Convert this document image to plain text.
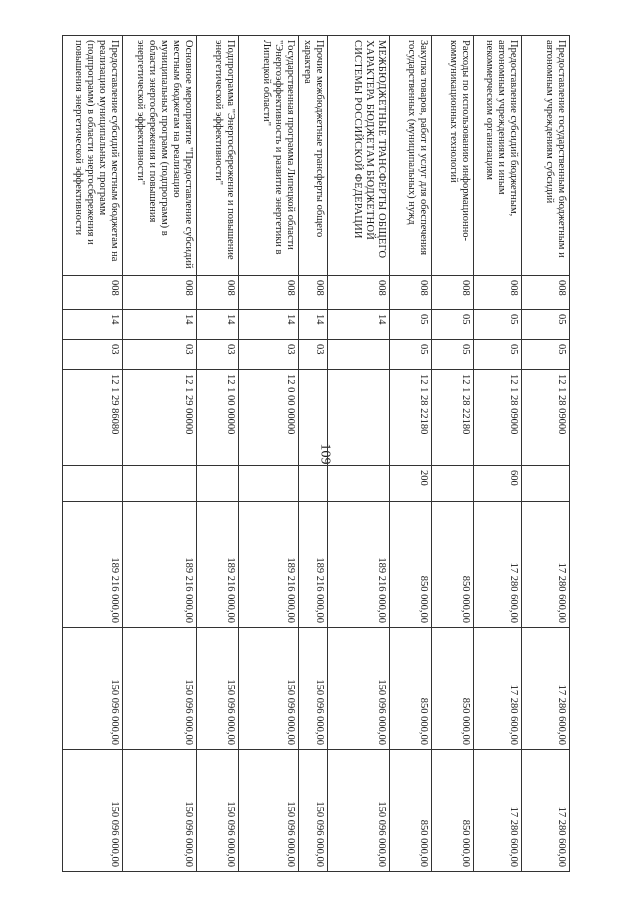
109
Предоставление государственным бюджетным и автономным учреждениям субсидий	008	05	05	12 1 28 09000		17 280 600,00	17 280 600,00	17 280 600,00
Предоставление субсидий бюджетным, автономным учреждениям и иным некоммерческим организациям	008	05	05	12 1 28 09000	600	17 280 600,00	17 280 600,00	17 280 600,00
Расходы по использованию информационно-коммуникационных технологий	008	05	05	12 1 28 22180		850 000,00	850 000,00	850 000,00
Закупка товаров, работ и услуг для обеспечения государственных (муниципальных) нужд	008	05	05	12 1 28 22180	200	850 000,00	850 000,00	850 000,00
МЕЖБЮДЖЕТНЫЕ ТРАНСФЕРТЫ ОБЩЕГО ХАРАКТЕРА БЮДЖЕТАМ БЮДЖЕТНОЙ СИСТЕМЫ РОССИЙСКОЙ ФЕДЕРАЦИИ	008	14				189 216 000,00	150 096 000,00	150 096 000,00
Прочие межбюджетные трансферты общего характера	008	14	03			189 216 000,00	150 096 000,00	150 096 000,00
Государственная программа Липецкой области "Энергоэффективность и развитие энергетики в Липецкой области"	008	14	03	12 0 00 00000		189 216 000,00	150 096 000,00	150 096 000,00
Подпрограмма "Энергосбережение и повышение энергетической эффективности"	008	14	03	12 1 00 00000		189 216 000,00	150 096 000,00	150 096 000,00
Основное мероприятие "Предоставление субсидий местным бюджетам на реализацию муниципальных программ (подпрограмм) в области энергосбережения и повышения энергетической эффективности"	008	14	03	12 1 29 00000		189 216 000,00	150 096 000,00	150 096 000,00
Предоставление субсидий местным бюджетам на реализацию муниципальных программ (подпрограмм) в области энергосбережения и повышения энергетической эффективности	008	14	03	12 1 29 86080		189 216 000,00	150 096 000,00	150 096 000,00
